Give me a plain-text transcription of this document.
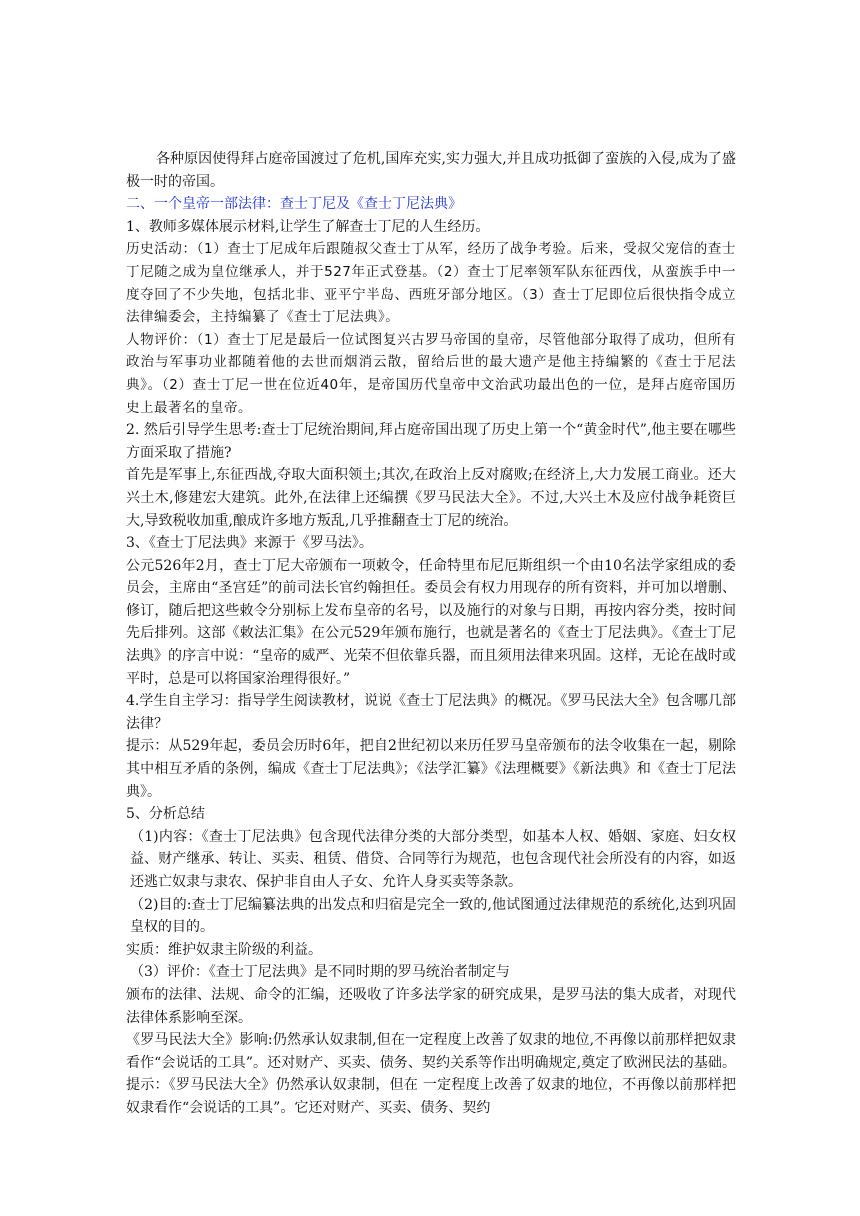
各种原因使得拜占庭帝国渡过了危机,国库充实,实力强大,并且成功抵御了蛮族的入侵,成为了盛极一时的帝国。

二、一个皇帝一部法律：查士丁尼及《查士丁尼法典》

1、教师多媒体展示材料,让学生了解查士丁尼的人生经历。

历史活动：（1）查士丁尼成年后跟随叔父查士丁从军，经历了战争考验。后来，受叔父宠信的查士丁尼随之成为皇位继承人，并于527年正式登基。（2）查士丁尼率领军队东征西伐，从蛮族手中一度夺回了不少失地，包括北非、亚平宁半岛、西班牙部分地区。（3）查士丁尼即位后很快指令成立法律编委会，主持编纂了《查士丁尼法典》。

人物评价：（1）查士丁尼是最后一位试图复兴古罗马帝国的皇帝，尽管他部分取得了成功，但所有政治与军事功业都随着他的去世而烟消云散，留给后世的最大遗产是他主持编繁的《查士于尼法典》。（2）查士丁尼一世在位近40年，是帝国历代皇帝中文治武功最出色的一位，是拜占庭帝国历史上最著名的皇帝。

2. 然后引导学生思考:查士丁尼统治期间,拜占庭帝国出现了历史上第一个“黄金时代”,他主要在哪些方面采取了措施?

首先是军事上,东征西战,夺取大面积领土;其次,在政治上反对腐败;在经济上,大力发展工商业。还大兴土木,修建宏大建筑。此外,在法律上还编撰《罗马民法大全》。不过,大兴土木及应付战争耗资巨大,导致税收加重,酿成许多地方叛乱,几乎推翻查士丁尼的统治。

3、《查士丁尼法典》来源于《罗马法》。

公元526年2月，查士丁尼大帝颁布一项敕令，任命特里布尼厄斯组织一个由10名法学家组成的委员会，主席由“圣宫廷”的前司法长官约翰担任。委员会有权力用现存的所有资料，并可加以增删、修订，随后把这些敕令分别标上发布皇帝的名号，以及施行的对象与日期，再按内容分类，按时间先后排列。这部《敕法汇集》在公元529年颁布施行，也就是著名的《查士丁尼法典》。《查士丁尼法典》的序言中说：“皇帝的威严、光荣不但依靠兵器，而且须用法律来巩固。这样，无论在战时或平时，总是可以将国家治理得很好。”

4.学生自主学习：指导学生阅读教材，说说《查士丁尼法典》的概况。《罗马民法大全》包含哪几部法律？

提示：从529年起，委员会历时6年，把自2世纪初以来历任罗马皇帝颁布的法令收集在一起，剔除其中相互矛盾的条例，编成《查士丁尼法典》；《法学汇纂》《法理概要》《新法典》和《查士丁尼法典》。

5、分析总结

（1)内容：《查士丁尼法典》包含现代法律分类的大部分类型，如基本人权、婚姻、家庭、妇女权益、财产继承、转让、买卖、租赁、借贷、合同等行为规范，也包含现代社会所没有的内容，如返还逃亡奴隶与隶农、保护非自由人子女、允许人身买卖等条款。

（2)目的:查士丁尼编纂法典的出发点和归宿是完全一致的,他试图通过法律规范的系统化,达到巩固皇权的目的。

实质：维护奴隶主阶级的利益。

（3）评价：《查士丁尼法典》是不同时期的罗马统治者制定与

颁布的法律、法规、命令的汇编，还吸收了许多法学家的研究成果，是罗马法的集大成者，对现代法律体系影响至深。

《罗马民法大全》影响:仍然承认奴隶制,但在一定程度上改善了奴隶的地位,不再像以前那样把奴隶看作“会说话的工具”。还对财产、买卖、债务、契约关系等作出明确规定,奠定了欧洲民法的基础。提示：《罗马民法大全》仍然承认奴隶制，但在 一定程度上改善了奴隶的地位，不再像以前那样把奴隶看作“会说话的工具”。它还对财产、买卖、债务、契约
